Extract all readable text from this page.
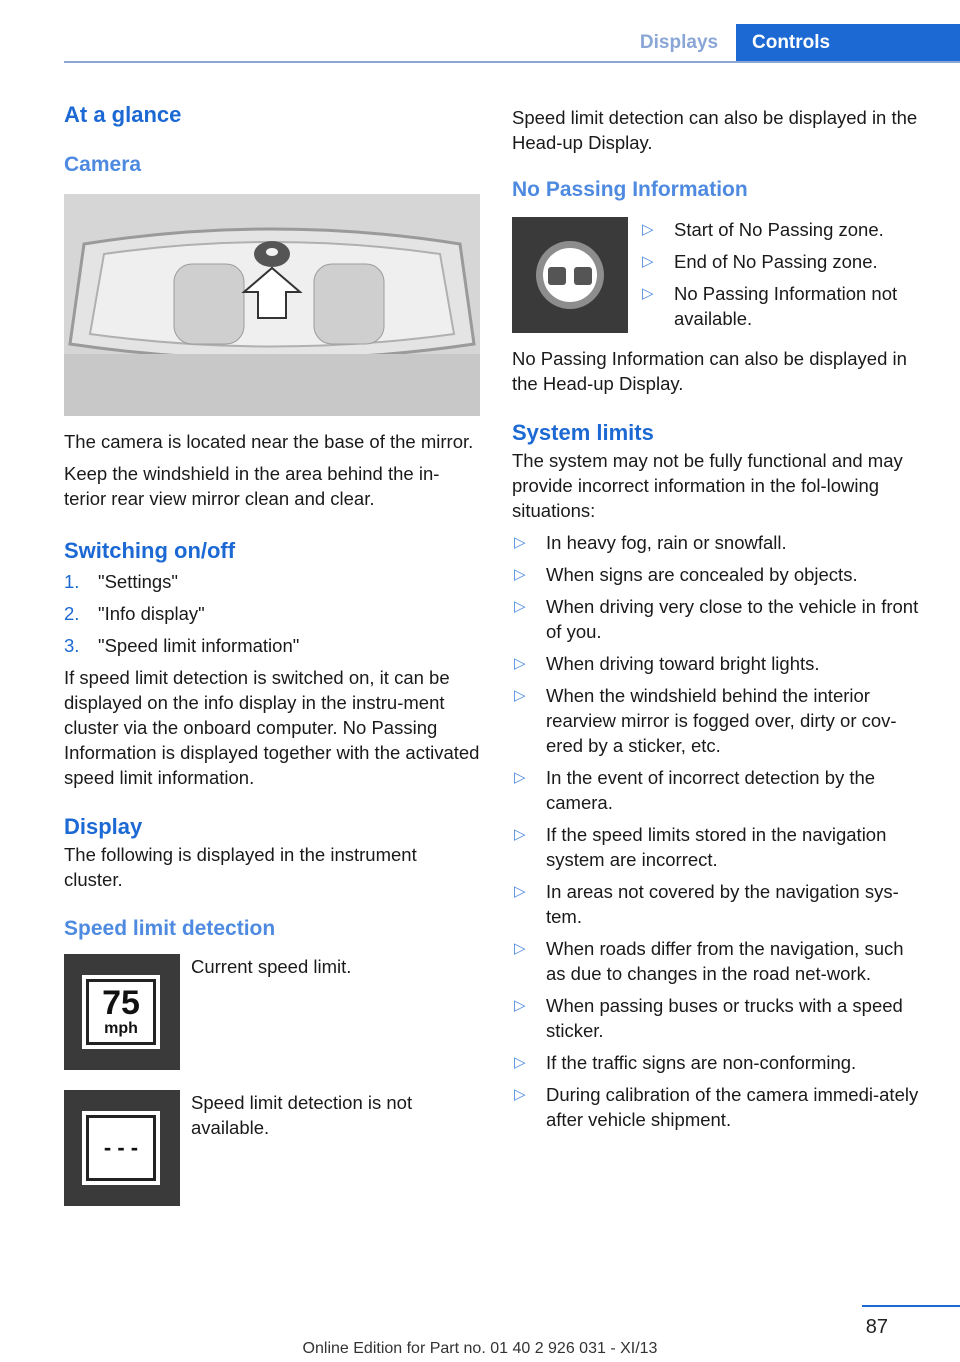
Displays	Controls
At a glance
Camera

The camera is located near the base of the mirror.

Keep the windshield in the area behind the in-terior rear view mirror clean and clear.

Switching on/off
1. "Settings"
2. "Info display"
3. "Speed limit information"

If speed limit detection is switched on, it can be displayed on the info display in the instru-ment cluster via the onboard computer. No Passing Information is displayed together with the activated speed limit information.

Display

The following is displayed in the instrument cluster.

Speed limit detection
75
mph

Current speed limit.

- - -

Speed limit detection is not available.

Speed limit detection can also be displayed in the Head-up Display.

No Passing Information
▷ Start of No Passing zone.
▷ End of No Passing zone.
▷ No Passing Information not available.

No Passing Information can also be displayed in the Head-up Display.

System limits

The system may not be fully functional and may provide incorrect information in the fol-lowing situations:

▷ In heavy fog, rain or snowfall.
▷ When signs are concealed by objects.
▷ When driving very close to the vehicle in front of you.
▷ When driving toward bright lights.
▷ When the windshield behind the interior rearview mirror is fogged over, dirty or cov-ered by a sticker, etc.
▷ In the event of incorrect detection by the camera.
▷ If the speed limits stored in the navigation system are incorrect.
▷ In areas not covered by the navigation sys-tem.
▷ When roads differ from the navigation, such as due to changes in the road net-work.
▷ When passing buses or trucks with a speed sticker.
▷ If the traffic signs are non-conforming.
▷ During calibration of the camera immedi-ately after vehicle shipment.
87
Online Edition for Part no. 01 40 2 926 031 - XI/13
